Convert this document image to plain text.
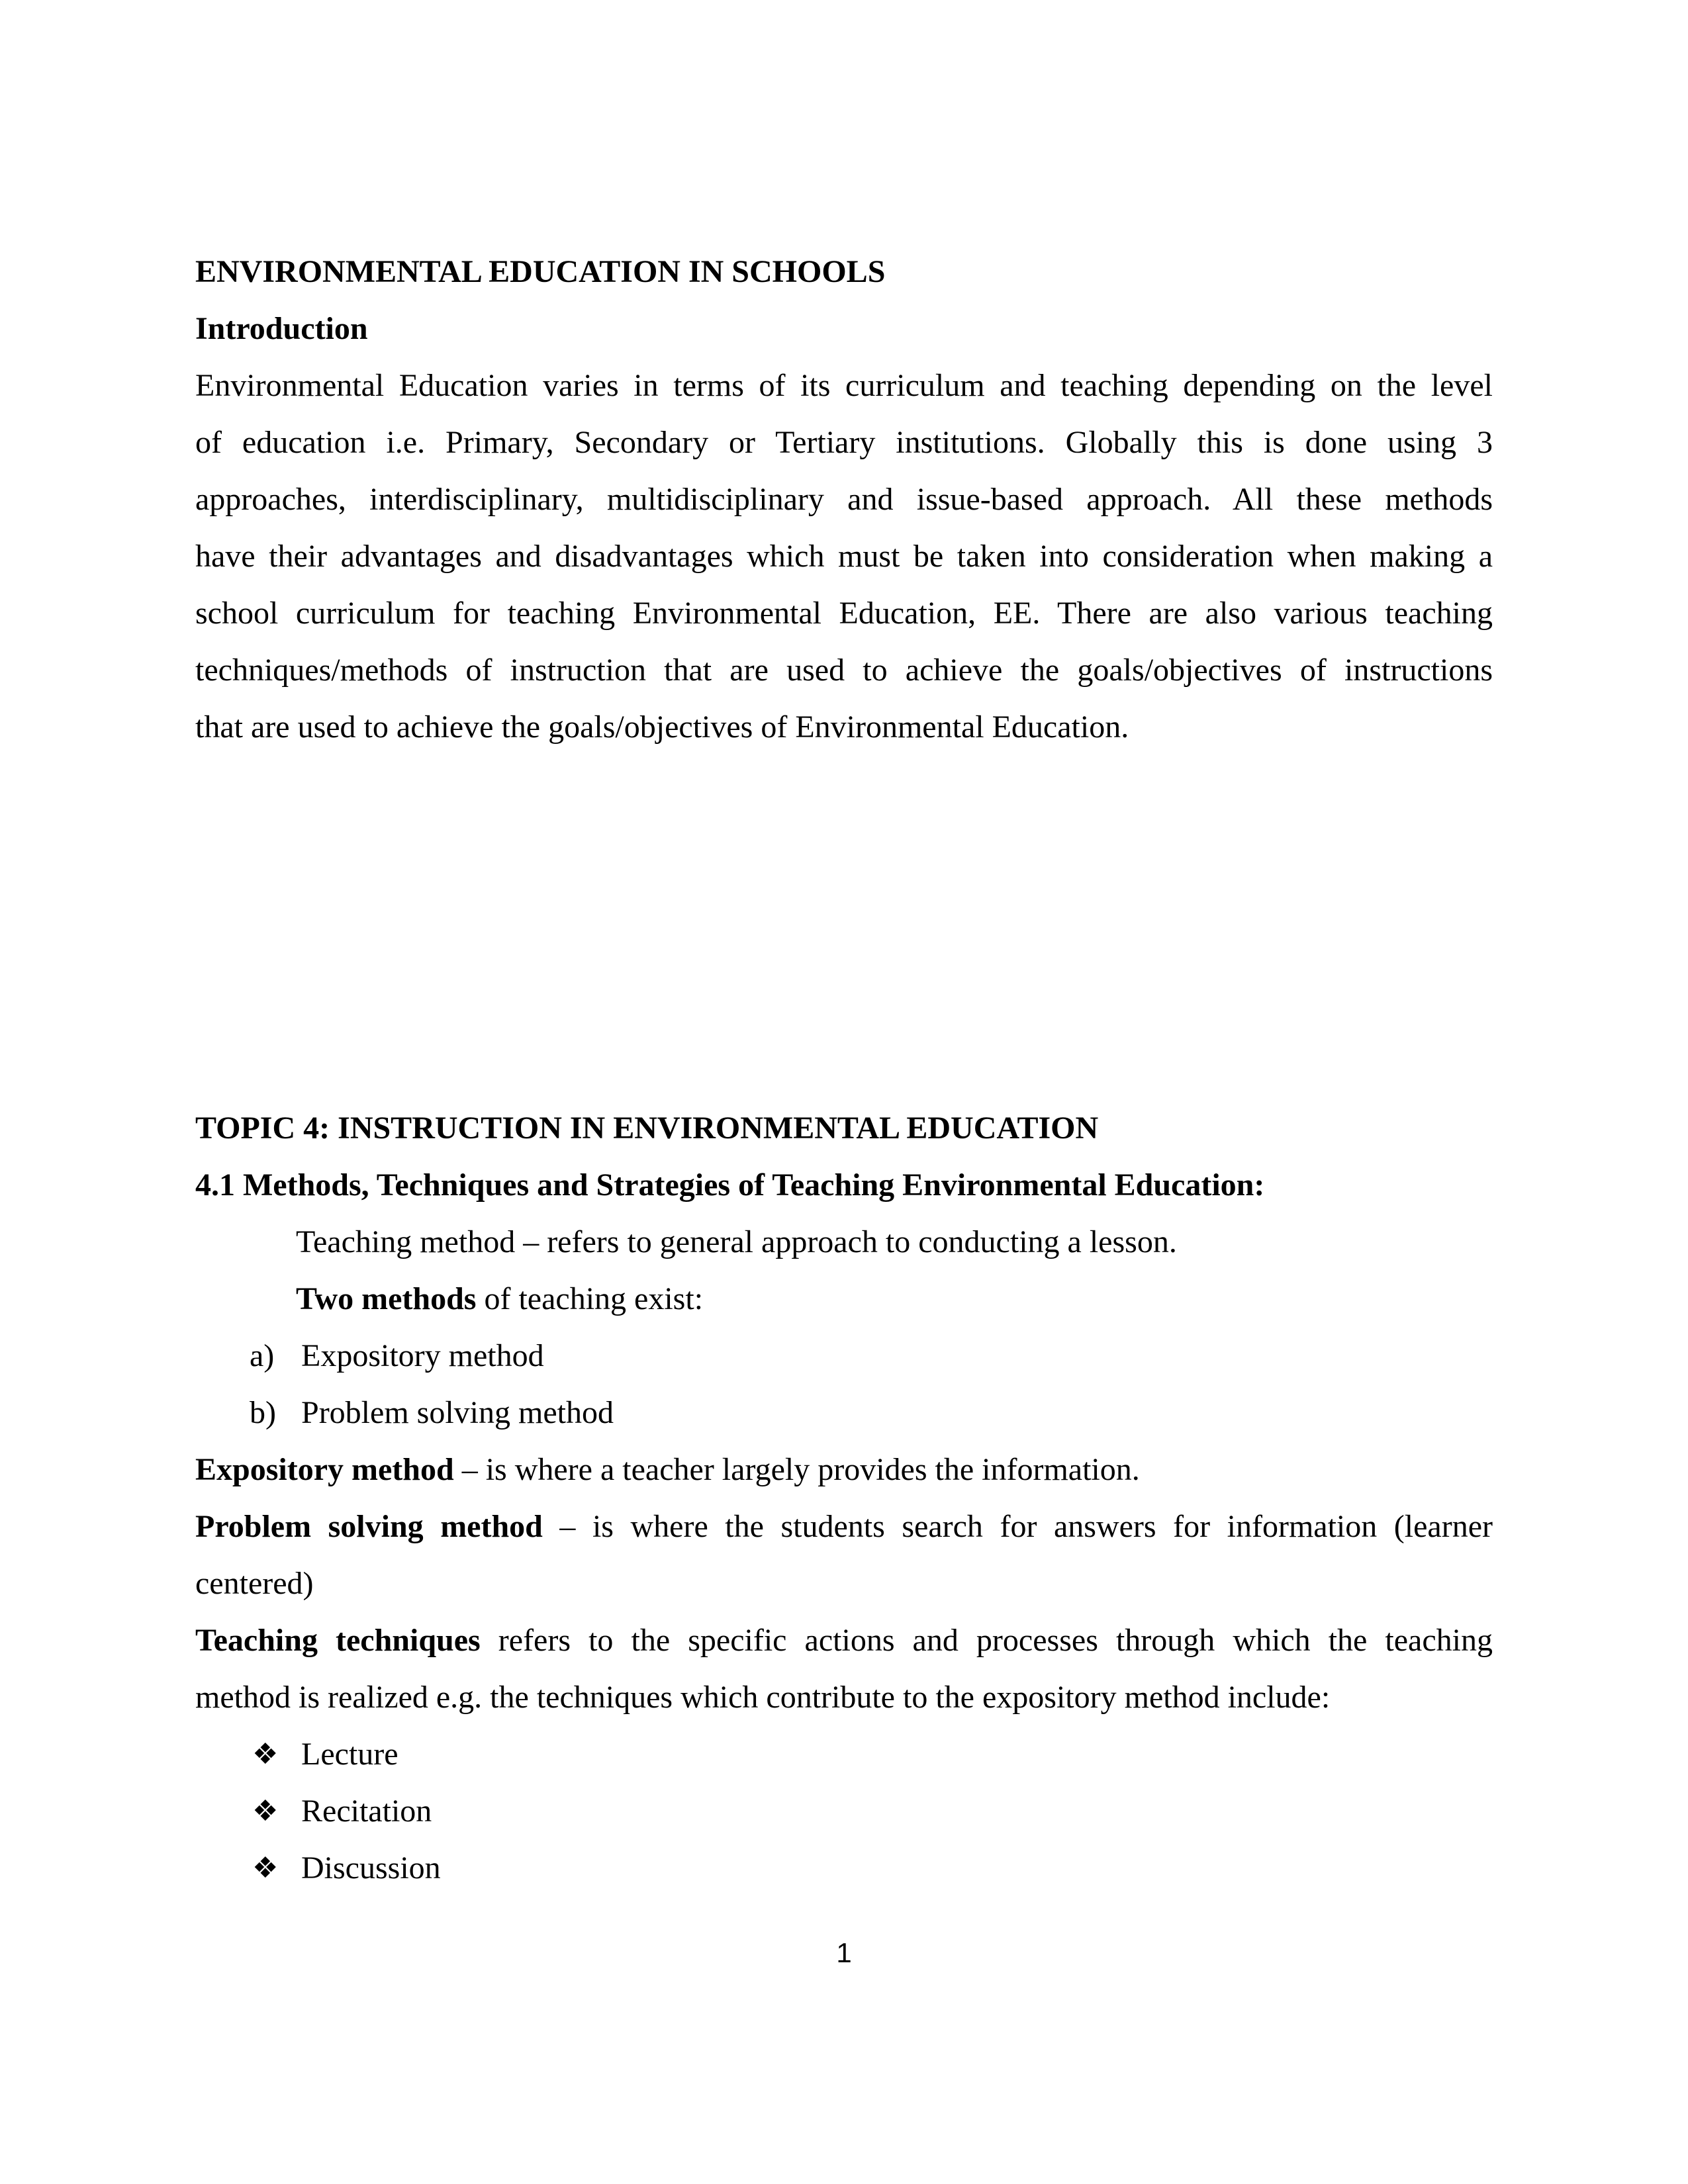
ENVIRONMENTAL EDUCATION IN SCHOOLS
Introduction
Environmental Education varies in terms of its curriculum and teaching depending on the level
of education i.e. Primary, Secondary or Tertiary institutions. Globally this is done using 3
approaches, interdisciplinary, multidisciplinary and issue-based approach. All these methods
have their advantages and disadvantages which must be taken into consideration when making a
school curriculum for teaching Environmental Education, EE. There are also various teaching
techniques/methods of instruction that are used to achieve the goals/objectives of instructions
that are used to achieve the goals/objectives of Environmental Education.
TOPIC 4: INSTRUCTION IN ENVIRONMENTAL EDUCATION
4.1 Methods, Techniques and Strategies of Teaching Environmental Education:
Teaching method – refers to general approach to conducting a lesson.
Two methods of teaching exist:
a) Expository method
b) Problem solving method
Expository method – is where a teacher largely provides the information.
Problem solving method – is where the students search for answers for information (learner
centered)
Teaching techniques refers to the specific actions and processes through which the teaching
method is realized e.g. the techniques which contribute to the expository method include:
❖ Lecture
❖ Recitation
❖ Discussion
1
